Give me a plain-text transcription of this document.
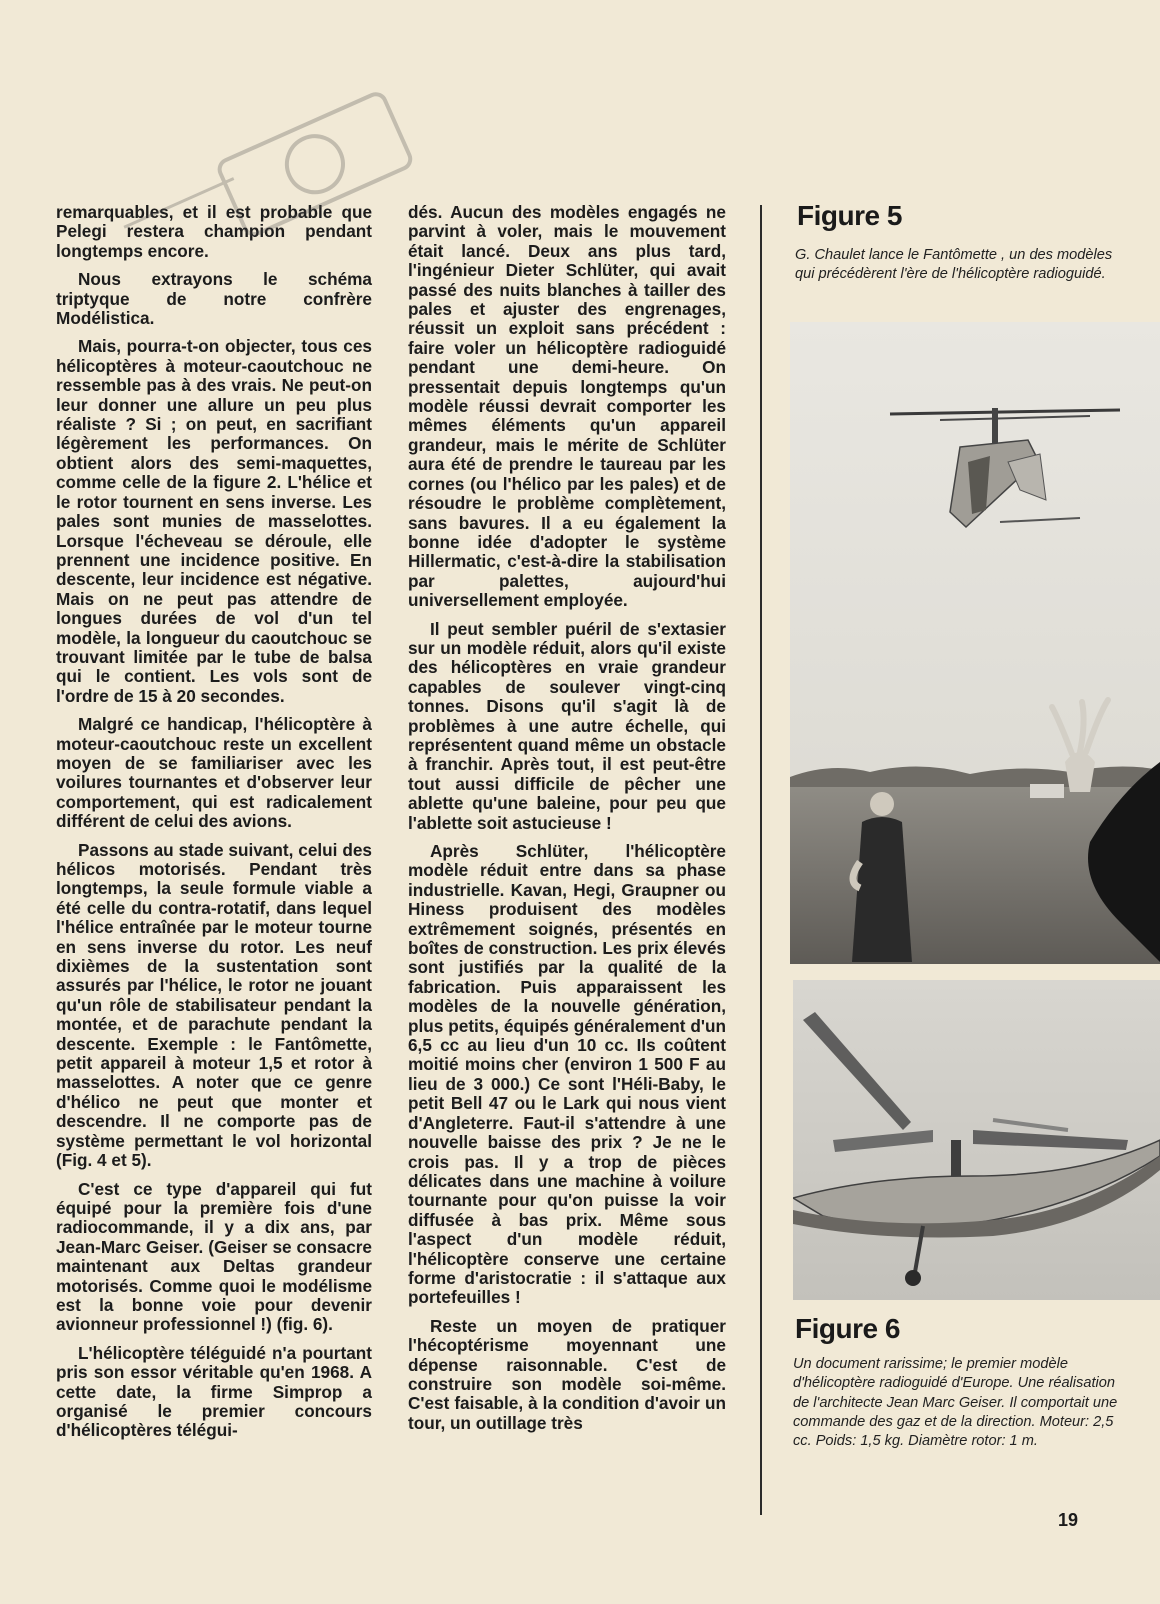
remarquables, et il est probable que Pelegi restera champion pendant longtemps encore.

Nous extrayons le schéma triptyque de notre confrère Modélistica.

Mais, pourra-t-on objecter, tous ces hélicoptères à moteur-caoutchouc ne ressemble pas à des vrais. Ne peut-on leur donner une allure un peu plus réaliste ? Si ; on peut, en sacrifiant légèrement les performances. On obtient alors des semi-maquettes, comme celle de la figure 2. L'hélice et le rotor tournent en sens inverse. Les pales sont munies de masselottes. Lorsque l'écheveau se déroule, elle prennent une incidence positive. En descente, leur incidence est négative. Mais on ne peut pas attendre de longues durées de vol d'un tel modèle, la longueur du caoutchouc se trouvant limitée par le tube de balsa qui le contient. Les vols sont de l'ordre de 15 à 20 secondes.

Malgré ce handicap, l'hélicoptère à moteur-caoutchouc reste un excellent moyen de se familiariser avec les voilures tournantes et d'observer leur comportement, qui est radicalement différent de celui des avions.

Passons au stade suivant, celui des hélicos motorisés. Pendant très longtemps, la seule formule viable a été celle du contra-rotatif, dans lequel l'hélice entraînée par le moteur tourne en sens inverse du rotor. Les neuf dixièmes de la sustentation sont assurés par l'hélice, le rotor ne jouant qu'un rôle de stabilisateur pendant la montée, et de parachute pendant la descente. Exemple : le Fantômette, petit appareil à moteur 1,5 et rotor à masselottes. A noter que ce genre d'hélico ne peut que monter et descendre. Il ne comporte pas de système permettant le vol horizontal (Fig. 4 et 5).

C'est ce type d'appareil qui fut équipé pour la première fois d'une radiocommande, il y a dix ans, par Jean-Marc Geiser. (Geiser se consacre maintenant aux Deltas grandeur motorisés. Comme quoi le modélisme est la bonne voie pour devenir avionneur professionnel !) (fig. 6).

L'hélicoptère téléguidé n'a pourtant pris son essor véritable qu'en 1968. A cette date, la firme Simprop a organisé le premier concours d'hélicoptères télégui-

dés. Aucun des modèles engagés ne parvint à voler, mais le mouvement était lancé. Deux ans plus tard, l'ingénieur Dieter Schlüter, qui avait passé des nuits blanches à tailler des pales et ajuster des engrenages, réussit un exploit sans précédent : faire voler un hélicoptère radioguidé pendant une demi-heure. On pressentait depuis longtemps qu'un modèle réussi devrait comporter les mêmes éléments qu'un appareil grandeur, mais le mérite de Schlüter aura été de prendre le taureau par les cornes (ou l'hélico par les pales) et de résoudre le problème complètement, sans bavures. Il a eu également la bonne idée d'adopter le système Hillermatic, c'est-à-dire la stabilisation par palettes, aujourd'hui universellement employée.

Il peut sembler puéril de s'extasier sur un modèle réduit, alors qu'il existe des hélicoptères en vraie grandeur capables de soulever vingt-cinq tonnes. Disons qu'il s'agit là de problèmes à une autre échelle, qui représentent quand même un obstacle à franchir. Après tout, il est peut-être tout aussi difficile de pêcher une ablette qu'une baleine, pour peu que l'ablette soit astucieuse !

Après Schlüter, l'hélicoptère modèle réduit entre dans sa phase industrielle. Kavan, Hegi, Graupner ou Hiness produisent des modèles extrêmement soignés, présentés en boîtes de construction. Les prix élevés sont justifiés par la qualité de la fabrication. Puis apparaissent les modèles de la nouvelle génération, plus petits, équipés généralement d'un 6,5 cc au lieu d'un 10 cc. Ils coûtent moitié moins cher (environ 1 500 F au lieu de 3 000.) Ce sont l'Héli-Baby, le petit Bell 47 ou le Lark qui nous vient d'Angleterre. Faut-il s'attendre à une nouvelle baisse des prix ? Je ne le crois pas. Il y a trop de pièces délicates dans une machine à voilure tournante pour qu'on puisse la voir diffusée à bas prix. Même sous l'aspect d'un modèle réduit, l'hélicoptère conserve une certaine forme d'aristocratie : il s'attaque aux portefeuilles !

Reste un moyen de pratiquer l'hécoptérisme moyennant une dépense raisonnable. C'est de construire son modèle soi-même. C'est faisable, à la condition d'avoir un tour, un outillage très

Figure 5
G. Chaulet lance le Fantômette , un des modèles qui précédèrent l'ère de l'hélicoptère radioguidé.
Figure 6
Un document rarissime; le premier modèle d'hélicoptère radioguidé d'Europe. Une réalisation de l'architecte Jean Marc Geiser. Il comportait une commande des gaz et de la direction. Moteur: 2,5 cc. Poids: 1,5 kg. Diamètre rotor: 1 m.
19
